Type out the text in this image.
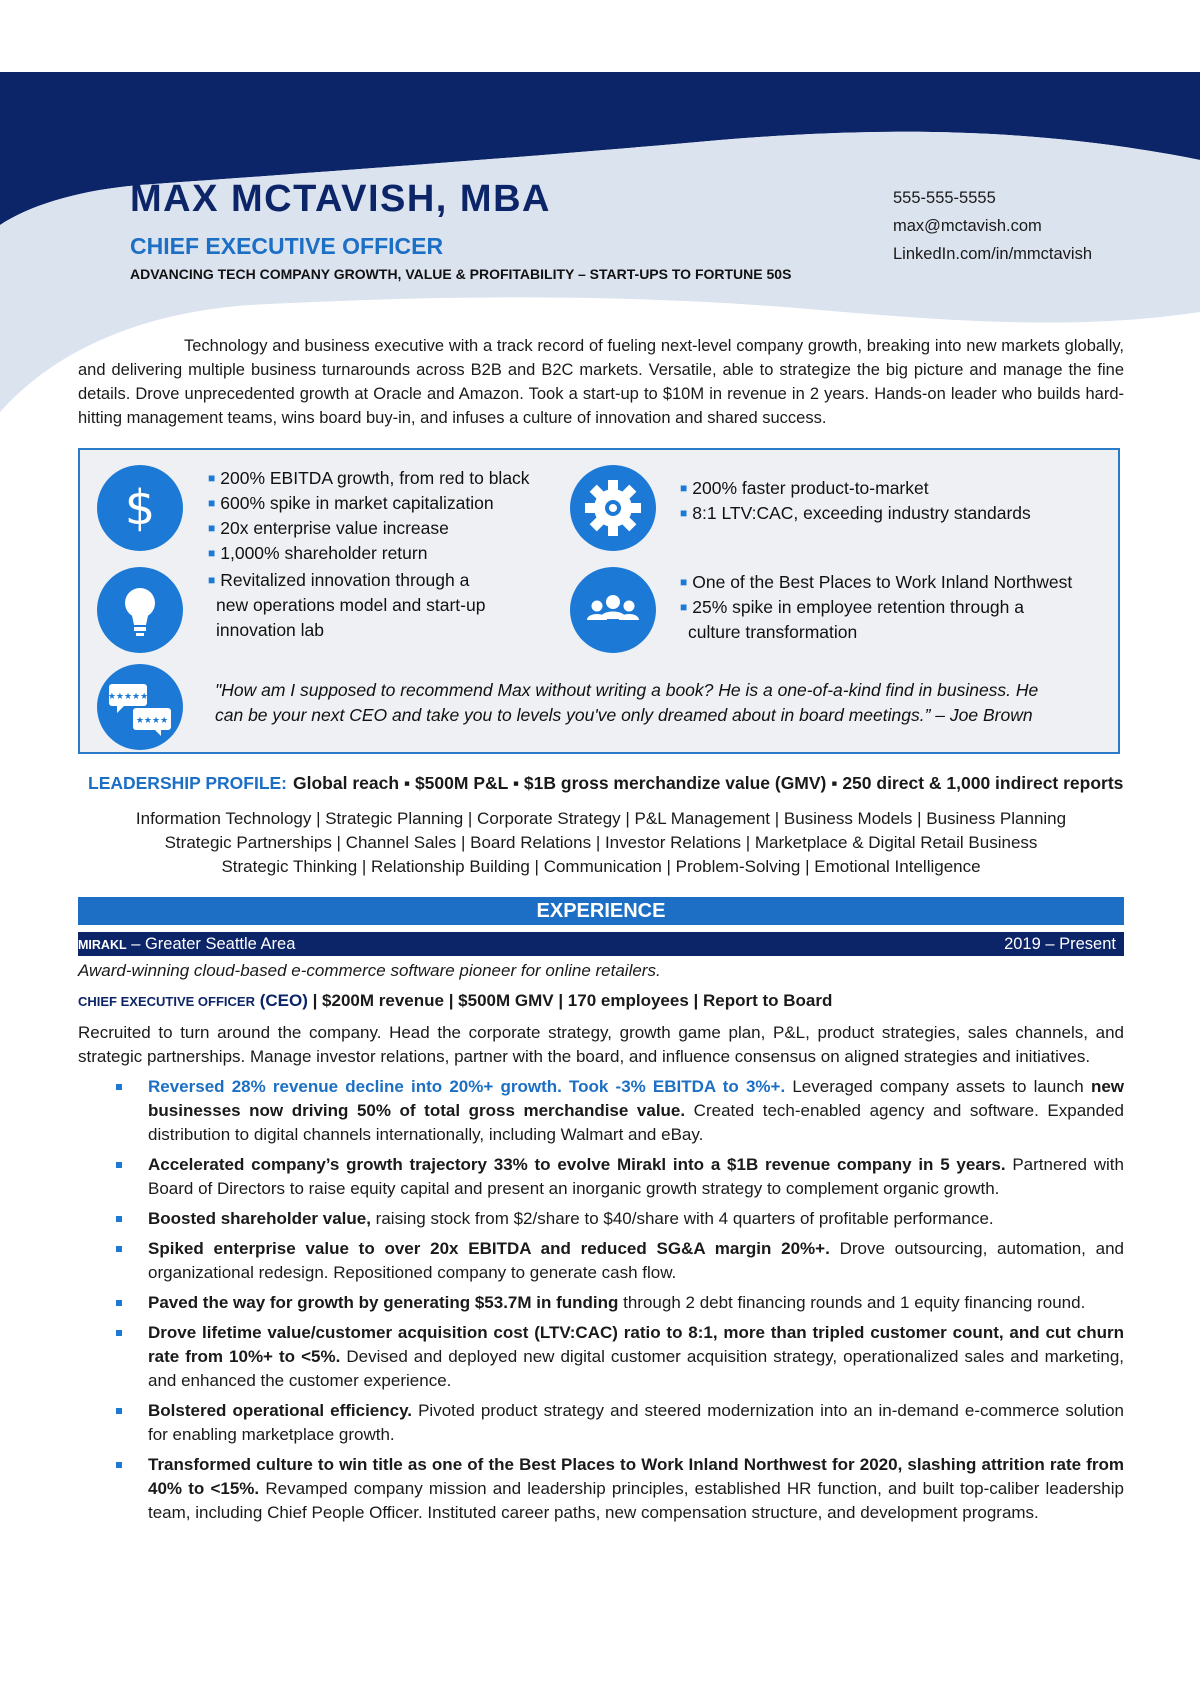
MAX MCTAVISH, MBA
CHIEF EXECUTIVE OFFICER
ADVANCING TECH COMPANY GROWTH, VALUE & PROFITABILITY – START-UPS TO FORTUNE 50S
555-555-5555
max@mctavish.com
LinkedIn.com/in/mmctavish
Technology and business executive with a track record of fueling next-level company growth, breaking into new markets globally, and delivering multiple business turnarounds across B2B and B2C markets. Versatile, able to strategize the big picture and manage the fine details. Drove unprecedented growth at Oracle and Amazon. Took a start-up to $10M in revenue in 2 years. Hands-on leader who builds hard-hitting management teams, wins board buy-in, and infuses a culture of innovation and shared success.
$
■ 200% EBITDA growth, from red to black
■ 600% spike in market capitalization
■ 20x enterprise value increase
■ 1,000% shareholder return
■ 200% faster product-to-market
■ 8:1 LTV:CAC, exceeding industry standards
■ Revitalized innovation through a
new operations model and start-up
innovation lab
■ One of the Best Places to Work Inland Northwest
■ 25% spike in employee retention through a
culture transformation
★★★★★
★★★★
"How am I supposed to recommend Max without writing a book? He is a one-of-a-kind find in business. He
can be your next CEO and take you to levels you've only dreamed about in board meetings.” – Joe Brown
LEADERSHIP PROFILE: Global reach ▪ $500M P&L ▪ $1B gross merchandize value (GMV) ▪ 250 direct & 1,000 indirect reports
Information Technology | Strategic Planning | Corporate Strategy | P&L Management | Business Models | Business Planning
Strategic Partnerships | Channel Sales | Board Relations | Investor Relations | Marketplace & Digital Retail Business
Strategic Thinking | Relationship Building | Communication | Problem-Solving | Emotional Intelligence
EXPERIENCE
MIRAKL – Greater Seattle Area	2019 – Present
Award-winning cloud-based e-commerce software pioneer for online retailers.
CHIEF EXECUTIVE OFFICER (CEO) | $200M revenue | $500M GMV | 170 employees | Report to Board
Recruited to turn around the company. Head the corporate strategy, growth game plan, P&L, product strategies, sales channels, and strategic partnerships. Manage investor relations, partner with the board, and influence consensus on aligned strategies and initiatives.
Reversed 28% revenue decline into 20%+ growth. Took -3% EBITDA to 3%+. Leveraged company assets to launch new businesses now driving 50% of total gross merchandise value. Created tech-enabled agency and software. Expanded distribution to digital channels internationally, including Walmart and eBay.
Accelerated company’s growth trajectory 33% to evolve Mirakl into a $1B revenue company in 5 years. Partnered with Board of Directors to raise equity capital and present an inorganic growth strategy to complement organic growth.
Boosted shareholder value, raising stock from $2/share to $40/share with 4 quarters of profitable performance.
Spiked enterprise value to over 20x EBITDA and reduced SG&A margin 20%+. Drove outsourcing, automation, and organizational redesign. Repositioned company to generate cash flow.
Paved the way for growth by generating $53.7M in funding through 2 debt financing rounds and 1 equity financing round.
Drove lifetime value/customer acquisition cost (LTV:CAC) ratio to 8:1, more than tripled customer count, and cut churn rate from 10%+ to <5%. Devised and deployed new digital customer acquisition strategy, operationalized sales and marketing, and enhanced the customer experience.
Bolstered operational efficiency. Pivoted product strategy and steered modernization into an in-demand e-commerce solution for enabling marketplace growth.
Transformed culture to win title as one of the Best Places to Work Inland Northwest for 2020, slashing attrition rate from 40% to <15%. Revamped company mission and leadership principles, established HR function, and built top-caliber leadership team, including Chief People Officer. Instituted career paths, new compensation structure, and development programs.
